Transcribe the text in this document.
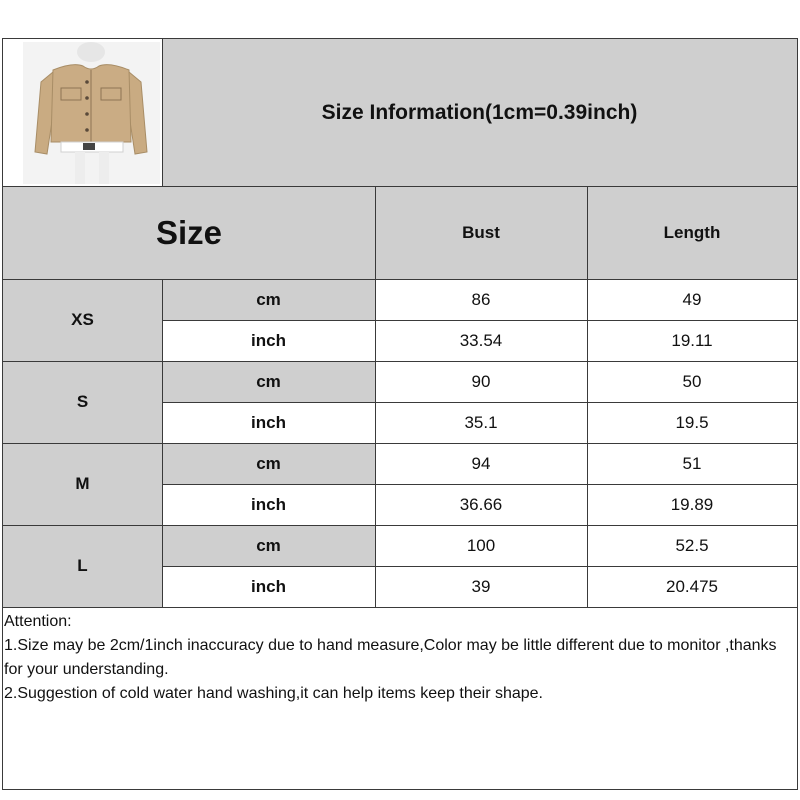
Size Information(1cm=0.39inch)
Size	Bust	Length
XS
cm	86	49
inch	33.54	19.11
S
cm	90	50
inch	35.1	19.5
M
cm	94	51
inch	36.66	19.89
L
cm	100	52.5
inch	39	20.475
Attention:
1.Size may be 2cm/1inch inaccuracy due to hand measure,Color may be little different due to monitor ,thanks for your understanding.
2.Suggestion of cold water hand washing,it can help items keep their shape.
